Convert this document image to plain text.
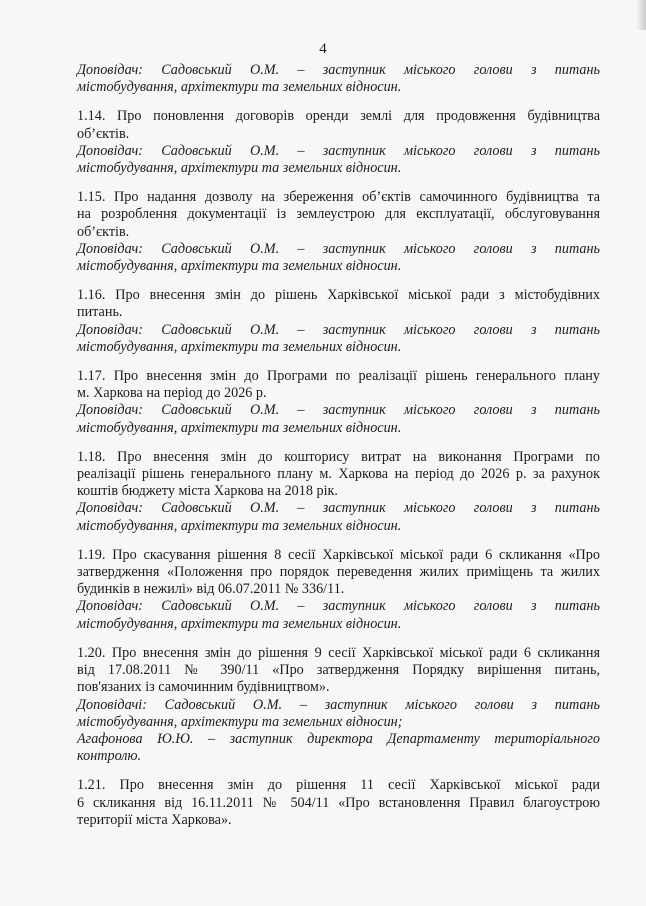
4
Доповідач: Садовський О.М. – заступник міського голови з питань
містобудування, архітектури та земельних відносин.
1.14. Про поновлення договорів оренди землі для продовження будівництва
об’єктів.
Доповідач: Садовський О.М. – заступник міського голови з питань
містобудування, архітектури та земельних відносин.
1.15. Про надання дозволу на збереження об’єктів самочинного будівництва та
на розроблення документації із землеустрою для експлуатації, обслуговування
об’єктів.
Доповідач: Садовський О.М. – заступник міського голови з питань
містобудування, архітектури та земельних відносин.
1.16. Про внесення змін до рішень Харківської міської ради з містобудівних
питань.
Доповідач: Садовський О.М. – заступник міського голови з питань
містобудування, архітектури та земельних відносин.
1.17. Про внесення змін до Програми по реалізації рішень генерального плану
м. Харкова на період до 2026 р.
Доповідач: Садовський О.М. – заступник міського голови з питань
містобудування, архітектури та земельних відносин.
1.18. Про внесення змін до кошторису витрат на виконання Програми по
реалізації рішень генерального плану м. Харкова на період до 2026 р. за рахунок
коштів бюджету міста Харкова на 2018 рік.
Доповідач: Садовський О.М. – заступник міського голови з питань
містобудування, архітектури та земельних відносин.
1.19. Про скасування рішення 8 сесії Харківської міської ради 6 скликання «Про
затвердження «Положення про порядок переведення жилих приміщень та жилих
будинків в нежилі» від 06.07.2011 № 336/11.
Доповідач: Садовський О.М. – заступник міського голови з питань
містобудування, архітектури та земельних відносин.
1.20. Про внесення змін до рішення 9 сесії Харківської міської ради 6 скликання
від 17.08.2011 № 390/11 «Про затвердження Порядку вирішення питань,
пов'язаних із самочинним будівництвом».
Доповідачі: Садовський О.М. – заступник міського голови з питань
містобудування, архітектури та земельних відносин;
Агафонова Ю.Ю. – заступник директора Департаменту територіального
контролю.
1.21. Про внесення змін до рішення 11 сесії Харківської міської ради
6 скликання від 16.11.2011 № 504/11 «Про встановлення Правил благоустрою
території міста Харкова».
